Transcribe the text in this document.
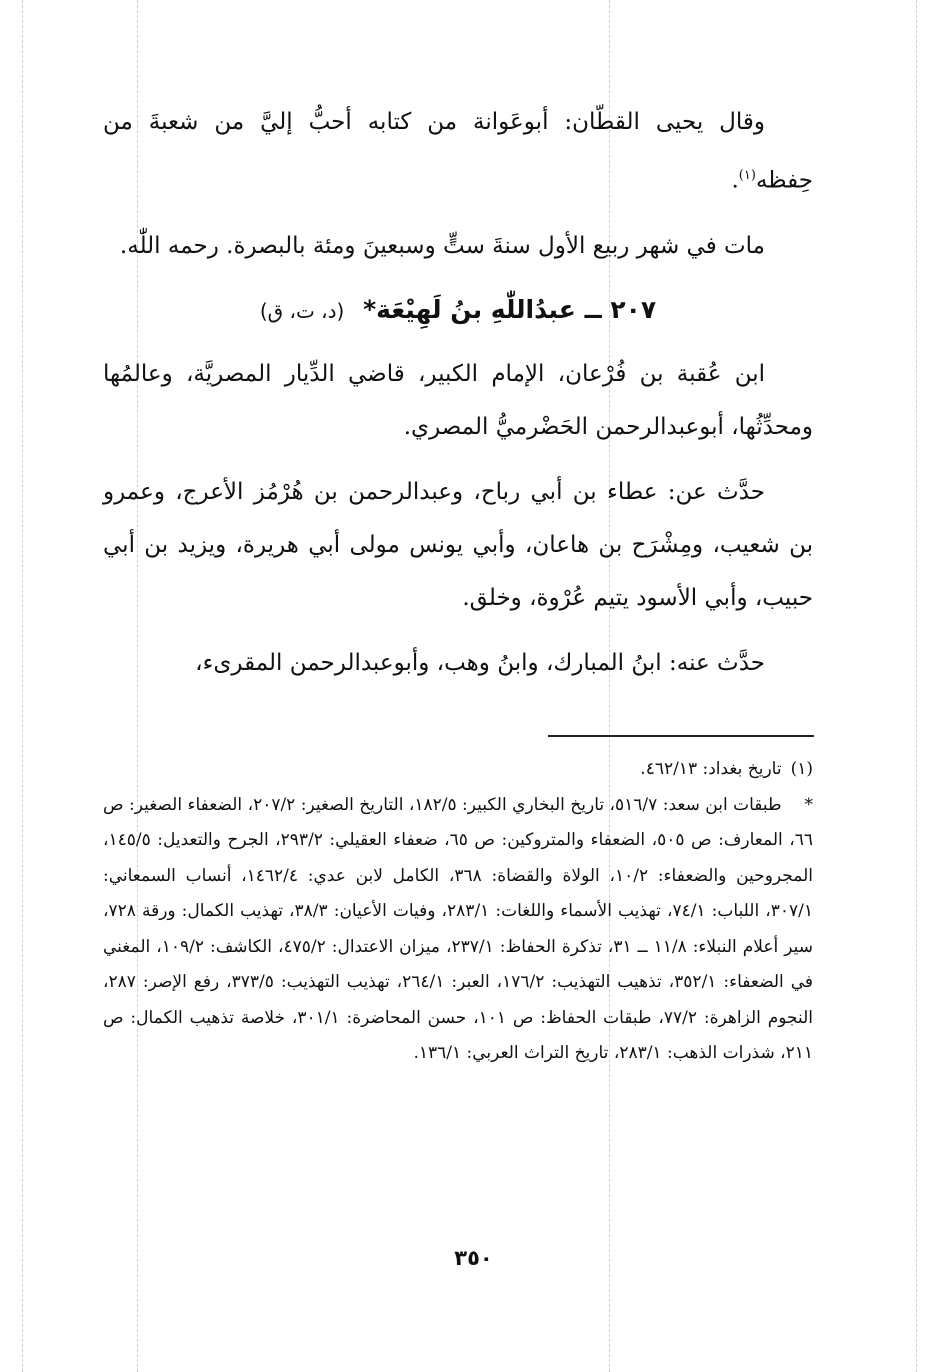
وقال يحيى القطّان: أبوعَوانة من كتابه أحبُّ إليَّ من شعبةَ من حِفظه$^{(١)}$.

مات في شهر ربيع الأول سنةَ ستٍّ وسبعينَ ومئة بالبصرة. رحمه اللّٰه.

٢٠٧ ــ عبدُاللّٰهِ بنُ لَهِيْعَة* (د، ت، ق)

ابن عُقبة بن فُرْعان، الإمام الكبير، قاضي الدِّيار المصريَّة، وعالمُها ومحدِّثُها، أبوعبدالرحمن الحَضْرميُّ المصري.

حدَّث عن: عطاء بن أبي رباح، وعبدالرحمن بن هُرْمُز الأعرج، وعمرو بن شعيب، ومِشْرَح بن هاعان، وأبي يونس مولى أبي هريرة، ويزيد بن أبي حبيب، وأبي الأسود يتيم عُرْوة، وخلق.

حدَّث عنه: ابنُ المبارك، وابنُ وهب، وأبوعبدالرحمن المقرىء،

(١) تاريخ بغداد: ٤٦٢/١٣.

* طبقات ابن سعد: ٥١٦/٧، تاريخ البخاري الكبير: ١٨٢/٥، التاريخ الصغير: ٢٠٧/٢، الضعفاء الصغير: ص ٦٦، المعارف: ص ٥٠٥، الضعفاء والمتروكين: ص ٦٥، ضعفاء العقيلي: ٢٩٣/٢، الجرح والتعديل: ١٤٥/٥، المجروحين والضعفاء: ١٠/٢، الولاة والقضاة: ٣٦٨، الكامل لابن عدي: ١٤٦٢/٤، أنساب السمعاني: ٣٠٧/١، اللباب: ٧٤/١، تهذيب الأسماء واللغات: ٢٨٣/١، وفيات الأعيان: ٣٨/٣، تهذيب الكمال: ورقة ٧٢٨، سير أعلام النبلاء: ١١/٨ ــ ٣١، تذكرة الحفاظ: ٢٣٧/١، ميزان الاعتدال: ٤٧٥/٢، الكاشف: ١٠٩/٢، المغني في الضعفاء: ٣٥٢/١، تذهيب التهذيب: ١٧٦/٢، العبر: ٢٦٤/١، تهذيب التهذيب: ٣٧٣/٥، رفع الإصر: ٢٨٧، النجوم الزاهرة: ٧٧/٢، طبقات الحفاظ: ص ١٠١، حسن المحاضرة: ٣٠١/١، خلاصة تذهيب الكمال: ص ٢١١، شذرات الذهب: ٢٨٣/١، تاريخ التراث العربي: ١٣٦/١.

٣٥٠
